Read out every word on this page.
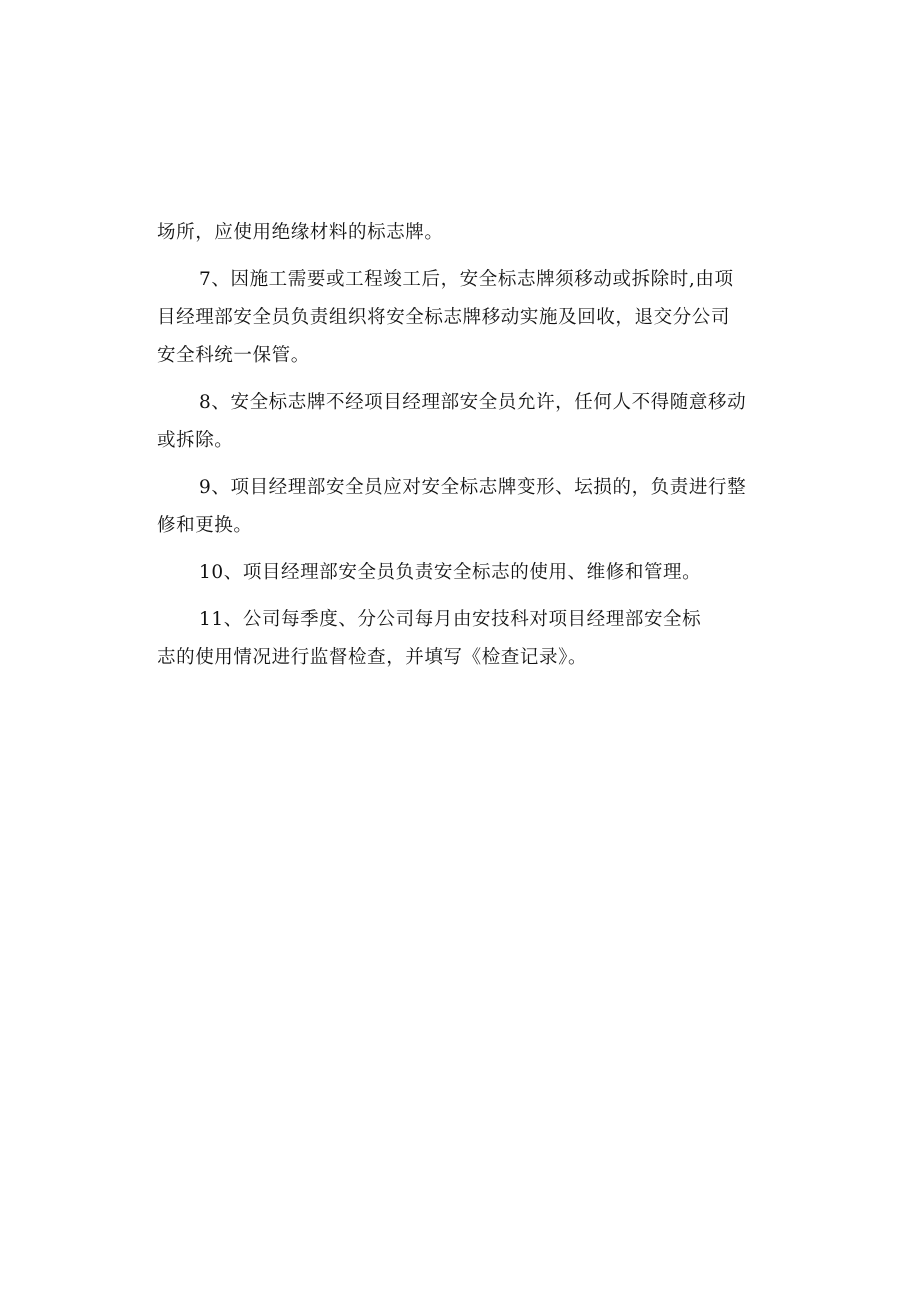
场所，应使用绝缘材料的标志牌。

7、因施工需要或工程竣工后，安全标志牌须移动或拆除时,由项
目经理部安全员负责组织将安全标志牌移动实施及回收，退交分公司
安全科统一保管。

8、安全标志牌不经项目经理部安全员允许，任何人不得随意移动
或拆除。

9、项目经理部安全员应对安全标志牌变形、坛损的，负责进行整
修和更换。

10、项目经理部安全员负责安全标志的使用、维修和管理。

11、公司每季度、分公司每月由安技科对项目经理部安全标
志的使用情况进行监督检查，并填写《检查记录》。
